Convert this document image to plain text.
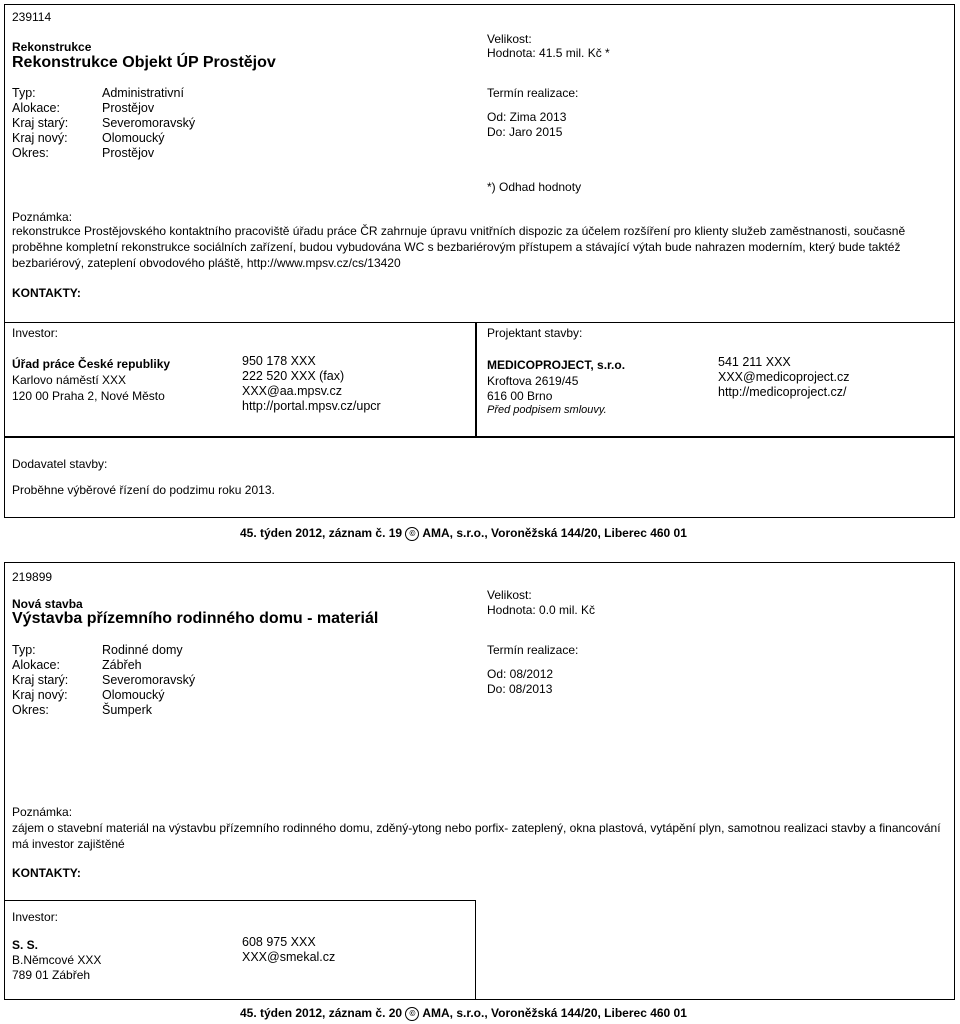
239114
Rekonstrukce
Rekonstrukce Objekt ÚP Prostějov
Typ:	Administrativní
Alokace:	Prostějov
Kraj starý:	Severomoravský
Kraj nový:	Olomoucký
Okres:	Prostějov
Velikost:
Hodnota: 41.5 mil. Kč *
Termín realizace:
Od: Zima 2013
Do: Jaro 2015
*) Odhad hodnoty
Poznámka:
rekonstrukce Prostějovského kontaktního pracoviště úřadu práce ČR zahrnuje úpravu vnitřních dispozic za účelem rozšíření pro klienty služeb zaměstnanosti, současně proběhne kompletní rekonstrukce sociálních zařízení, budou vybudována WC s bezbariérovým přístupem a stávající výtah bude nahrazen moderním, který bude taktéž bezbariérový, zateplení obvodového pláště, http://www.mpsv.cz/cs/13420
KONTAKTY:
Investor:
Úřad práce České republiky
Karlovo náměstí XXX
120 00 Praha 2, Nové Město
950 178 XXX
222 520 XXX (fax)
XXX@aa.mpsv.cz
http://portal.mpsv.cz/upcr
Projektant stavby:
MEDICOPROJECT, s.r.o.
Kroftova 2619/45
616 00 Brno
Před podpisem smlouvy.
541 211 XXX
XXX@medicoproject.cz
http://medicoproject.cz/
Dodavatel stavby:
Proběhne výběrové řízení do podzimu roku 2013.
45. týden 2012, záznam č. 19 © AMA, s.r.o., Voroněžská 144/20, Liberec 460 01
219899
Nová stavba
Výstavba přízemního rodinného domu - materiál
Typ:	Rodinné domy
Alokace:	Zábřeh
Kraj starý:	Severomoravský
Kraj nový:	Olomoucký
Okres:	Šumperk
Velikost:
Hodnota: 0.0 mil. Kč
Termín realizace:
Od: 08/2012
Do: 08/2013
Poznámka:
zájem o stavební materiál na výstavbu přízemního rodinného domu, zděný-ytong nebo porfix- zateplený, okna plastová, vytápění plyn, samotnou realizaci stavby a financování má investor zajištěné
KONTAKTY:
Investor:
S. S.
B.Němcové XXX
789 01 Zábřeh
608 975 XXX
XXX@smekal.cz
45. týden 2012, záznam č. 20 © AMA, s.r.o., Voroněžská 144/20, Liberec 460 01
